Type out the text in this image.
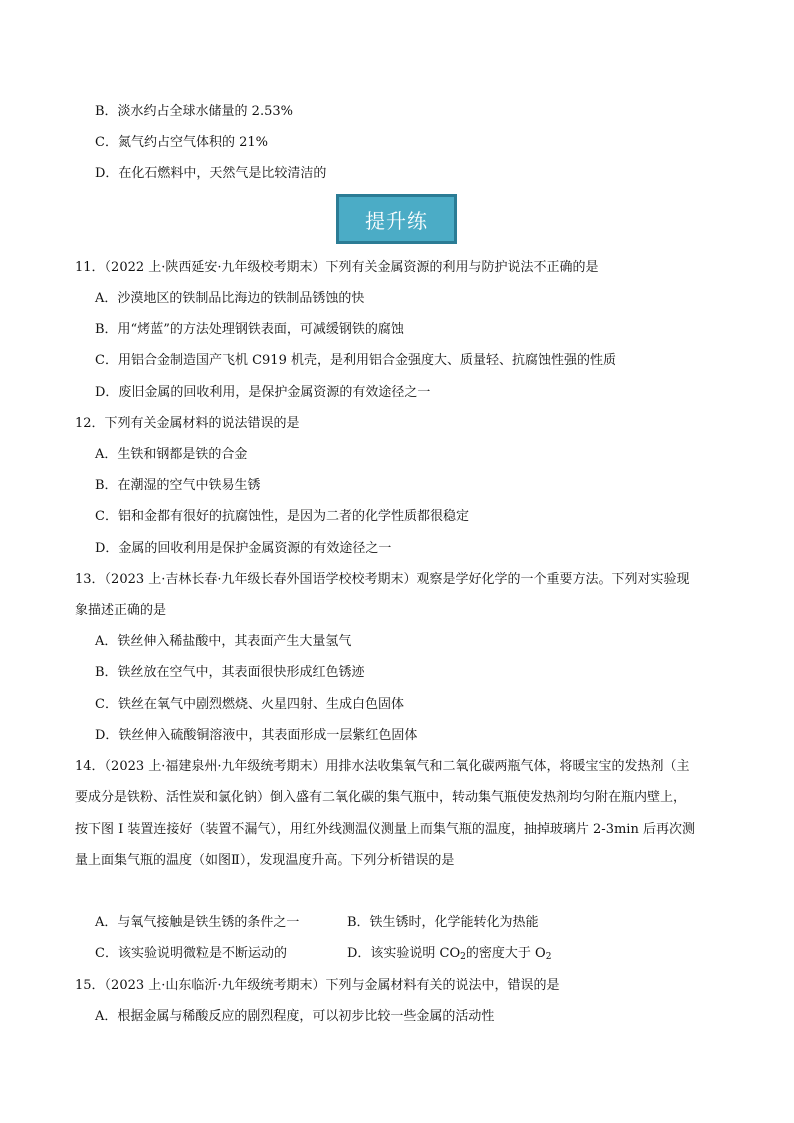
B．淡水约占全球水储量的 2.53%
C．氮气约占空气体积的 21%
D．在化石燃料中，天然气是比较清洁的
提升练
11．（2022 上·陕西延安·九年级校考期末）下列有关金属资源的利用与防护说法不正确的是
A．沙漠地区的铁制品比海边的铁制品锈蚀的快
B．用“烤蓝”的方法处理钢铁表面，可减缓钢铁的腐蚀
C．用铝合金制造国产飞机 C919 机壳，是利用铝合金强度大、质量轻、抗腐蚀性强的性质
D．废旧金属的回收利用，是保护金属资源的有效途径之一
12．下列有关金属材料的说法错误的是
A．生铁和钢都是铁的合金
B．在潮湿的空气中铁易生锈
C．铝和金都有很好的抗腐蚀性，是因为二者的化学性质都很稳定
D．金属的回收利用是保护金属资源的有效途径之一
13．（2023 上·吉林长春·九年级长春外国语学校校考期末）观察是学好化学的一个重要方法。下列对实验现
象描述正确的是
A．铁丝伸入稀盐酸中，其表面产生大量氢气
B．铁丝放在空气中，其表面很快形成红色锈迹
C．铁丝在氧气中剧烈燃烧、火星四射、生成白色固体
D．铁丝伸入硫酸铜溶液中，其表面形成一层紫红色固体
14．（2023 上·福建泉州·九年级统考期末）用排水法收集氧气和二氧化碳两瓶气体，将暖宝宝的发热剂（主
要成分是铁粉、活性炭和氯化钠）倒入盛有二氧化碳的集气瓶中，转动集气瓶使发热剂均匀附在瓶内壁上，
按下图 I 装置连接好（装置不漏气），用红外线测温仪测量上而集气瓶的温度，抽掉玻璃片 2-3min 后再次测
量上面集气瓶的温度（如图Ⅱ），发现温度升高。下列分析错误的是
A．与氧气接触是铁生锈的条件之一	B．铁生锈时，化学能转化为热能
C．该实验说明微粒是不断运动的	D．该实验说明 $CO_2$的密度大于 $O_2$
15．（2023 上·山东临沂·九年级统考期末）下列与金属材料有关的说法中，错误的是
A．根据金属与稀酸反应的剧烈程度，可以初步比较一些金属的活动性
